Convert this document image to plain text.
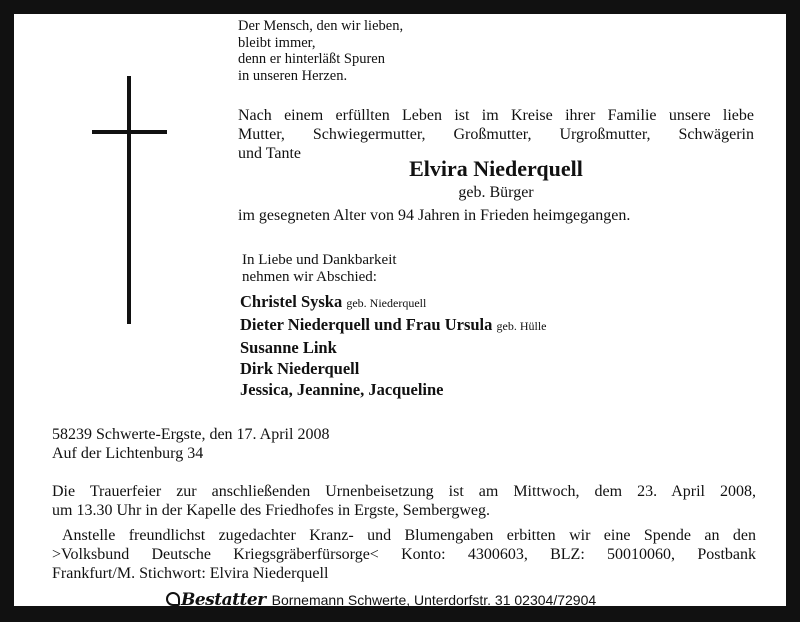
Der Mensch, den wir lieben,
bleibt immer,
denn er hinterläßt Spuren
in unseren Herzen.
Nach einem erfüllten Leben ist im Kreise ihrer Familie unsere liebe
Mutter, Schwiegermutter, Großmutter, Urgroßmutter, Schwägerin
und Tante
Elvira Niederquell
geb. Bürger
im gesegneten Alter von 94 Jahren in Frieden heimgegangen.
In Liebe und Dankbarkeit
nehmen wir Abschied:
Christel Syska geb. Niederquell
Dieter Niederquell und Frau Ursula geb. Hülle
Susanne Link
Dirk Niederquell
Jessica, Jeannine, Jacqueline
58239 Schwerte-Ergste, den 17. April 2008
Auf der Lichtenburg 34
Die Trauerfeier zur anschließenden Urnenbeisetzung ist am Mittwoch, dem 23. April 2008,
um 13.30 Uhr in der Kapelle des Friedhofes in Ergste, Sembergweg.
Anstelle freundlichst zugedachter Kranz- und Blumengaben erbitten wir eine Spende an den
>Volksbund Deutsche Kriegsgräberfürsorge< Konto: 4300603, BLZ: 50010060, Postbank
Frankfurt/M. Stichwort: Elvira Niederquell
Bestatter Bornemann Schwerte, Unterdorfstr. 31 02304/72904
